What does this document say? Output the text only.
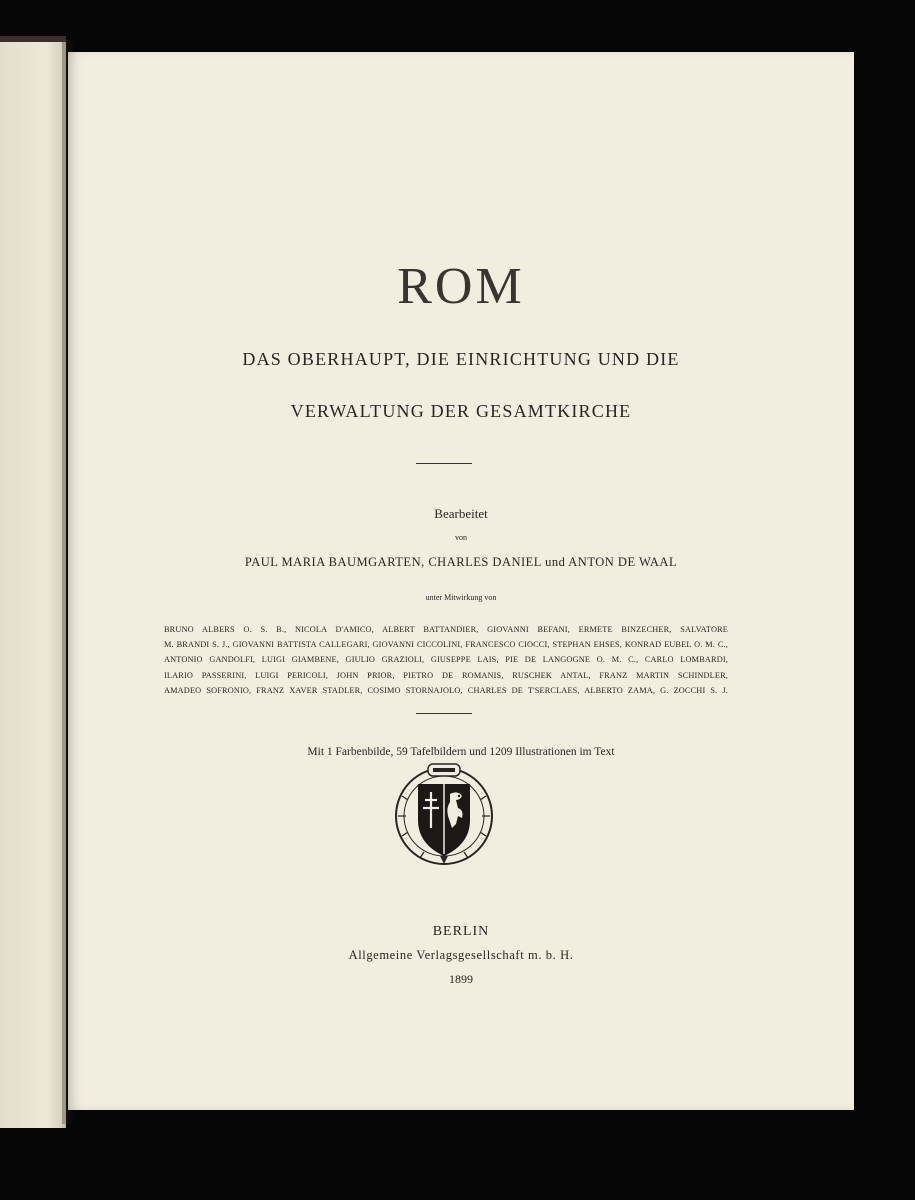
ROM
DAS OBERHAUPT, DIE EINRICHTUNG UND DIE
VERWALTUNG DER GESAMTKIRCHE
Bearbeitet
von
PAUL MARIA BAUMGARTEN, CHARLES DANIEL und ANTON DE WAAL
unter Mitwirkung von
BRUNO ALBERS O. S. B., NICOLA D'AMICO, ALBERT BATTANDIER, GIOVANNI BEFANI, ERMETE BINZECHER, SALVATORE
M. BRANDI S. J., GIOVANNI BATTISTA CALLEGARI, GIOVANNI CICCOLINI, FRANCESCO CIOCCI, STEPHAN EHSES, KONRAD EUBEL O. M. C.,
ANTONIO GANDOLFI, LUIGI GIAMBENE, GIULIO GRAZIOLI, GIUSEPPE LAIS, PIE DE LANGOGNE O. M. C., CARLO LOMBARDI,
ILARIO PASSERINI, LUIGI PERICOLI, JOHN PRIOR, PIETRO DE ROMANIS, RUSCHEK ANTAL, FRANZ MARTIN SCHINDLER,
AMADEO SOFRONIO, FRANZ XAVER STADLER, COSIMO STORNAJOLO, CHARLES DE T'SERCLAES, ALBERTO ZAMA, G. ZOCCHI S. J.
Mit 1 Farbenbilde, 59 Tafelbildern und 1209 Illustrationen im Text
BERLIN
Allgemeine Verlagsgesellschaft m. b. H.
1899
